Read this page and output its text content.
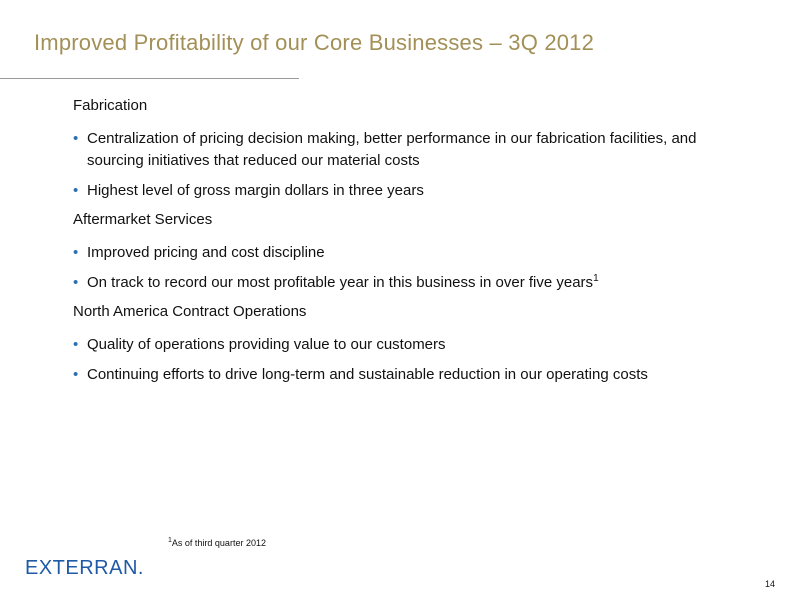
Improved Profitability of our Core Businesses – 3Q 2012
Fabrication
• Centralization of pricing decision making, better performance in our fabrication facilities, and sourcing initiatives that reduced our material costs
• Highest level of gross margin dollars in three years
Aftermarket Services
• Improved pricing and cost discipline
• On track to record our most profitable year in this business in over five years$^1$
North America Contract Operations
• Quality of operations providing value to our customers
• Continuing efforts to drive long-term and sustainable reduction in our operating costs
$^1$As of third quarter 2012
EXTERRAN.
14
